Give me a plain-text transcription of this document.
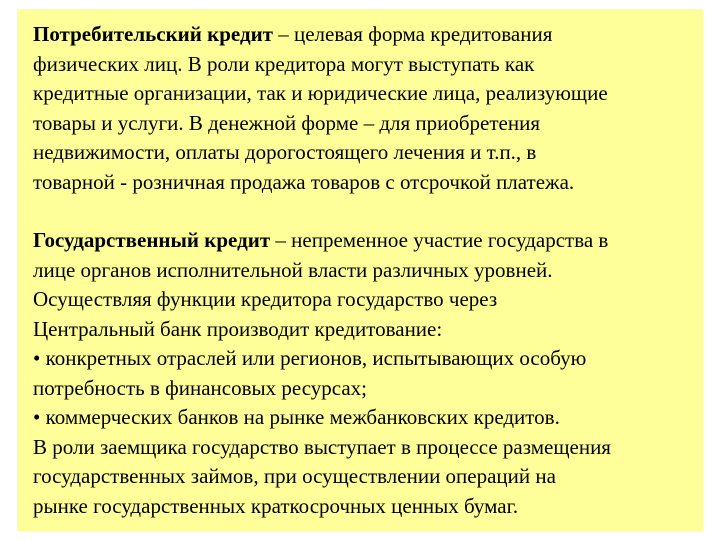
Потребительский кредит – целевая форма кредитования
физических лиц. В роли кредитора могут выступать как
кредитные организации, так и юридические лица, реализующие
товары и услуги. В денежной форме – для приобретения
недвижимости, оплаты дорогостоящего лечения и т.п., в
товарной - розничная продажа товаров с отсрочкой платежа.
Государственный кредит – непременное участие государства в
лице органов исполнительной власти различных уровней.
Осуществляя функции кредитора государство через
Центральный банк производит кредитование:
• конкретных отраслей или регионов, испытывающих особую
потребность в финансовых ресурсах;
• коммерческих банков на рынке межбанковских кредитов.
В роли заемщика государство выступает в процессе размещения
государственных займов, при осуществлении операций на
рынке государственных краткосрочных ценных бумаг.
